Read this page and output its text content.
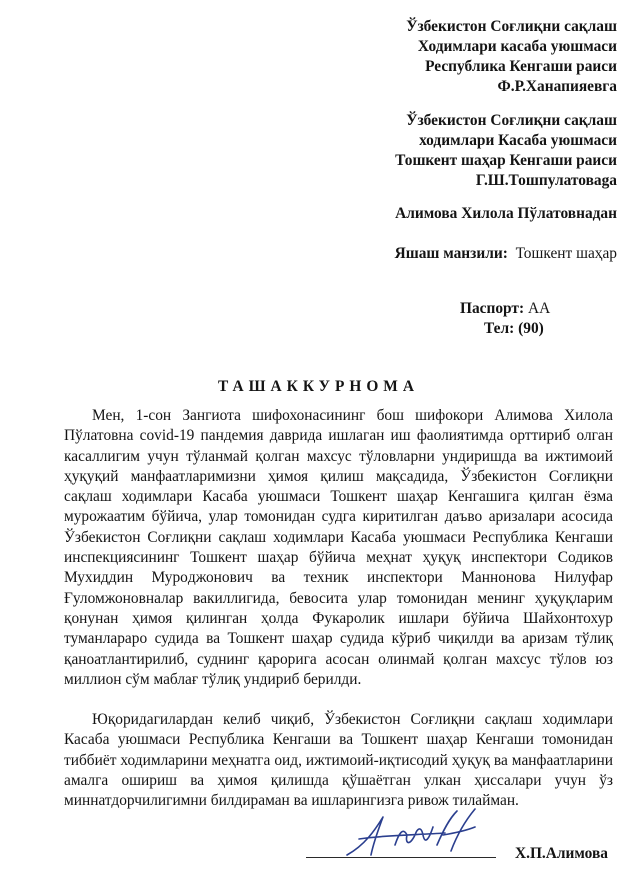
Ўзбекистон Соғлиқни сақлаш
Ходимлари касаба уюшмаси
Республика Кенгаши раиси
Ф.Р.Ханапияевга
Ўзбекистон Соғлиқни сақлаш
ходимлари Касаба уюшмаси
Тошкент шаҳар Кенгаши раиси
Г.Ш.Тошпулатоваga
Алимова Хилола Пўлатовнадан
Яшаш манзили: Тошкент шаҳар
Паспорт: АА
Тел: (90)
ТАШАККУРНОМА
Мен, 1-сон Зангиота шифохонасининг бош шифокори Алимова Хилола
Пўлатовна covid-19 пандемия даврида ишлаган иш фаолиятимда орттириб олган
касаллигим учун тўланмай қолган махсус тўловларни ундиришда ва ижтимоий
ҳуқуқий манфаатларимизни ҳимоя қилиш мақсадида, Ўзбекистон Соғлиқни
сақлаш ходимлари Касаба уюшмаси Тошкент шаҳар Кенгашига қилган ёзма
мурожаатим бўйича, улар томонидан судга киритилган даъво аризалари асосида
Ўзбекистон Соғлиқни сақлаш ходимлари Касаба уюшмаси Республика Кенгаши
инспекциясининг Тошкент шаҳар бўйича меҳнат ҳуқуқ инспектори Содиков
Мухиддин Мурoджонович ва техник инспектори Маннонова Нилуфар
Ғуломжоновналар вакиллигида, бевосита улар томонидан менинг ҳуқуқларим
қонунан ҳимоя қилинган ҳолда Фукаролик ишлари бўйича Шайхонтохур
туманлараро судида ва Тошкент шаҳар судида кўриб чиқилди ва аризам тўлиқ
қаноатлантирилиб, суднинг қарорига асосан олинмай қолган махсус тўлов юз
миллион сўм маблағ тўлиқ ундириб берилди.
Юқоридагилардан келиб чиқиб, Ўзбекистон Соғлиқни сақлаш ходимлари
Касаба уюшмаси Республика Кенгаши ва Тошкент шаҳар Кенгаши томонидан
тиббиёт ходимларини меҳнатга оид, ижтимоий-иқтисодий ҳуқуқ ва манфаатларини
амалга ошириш ва ҳимоя қилишда қўшаётган улкан ҳиссалари учун ўз
миннатдорчилигимни билдираман ва ишларингизга ривож тилайман.
Х.П.Алимова
